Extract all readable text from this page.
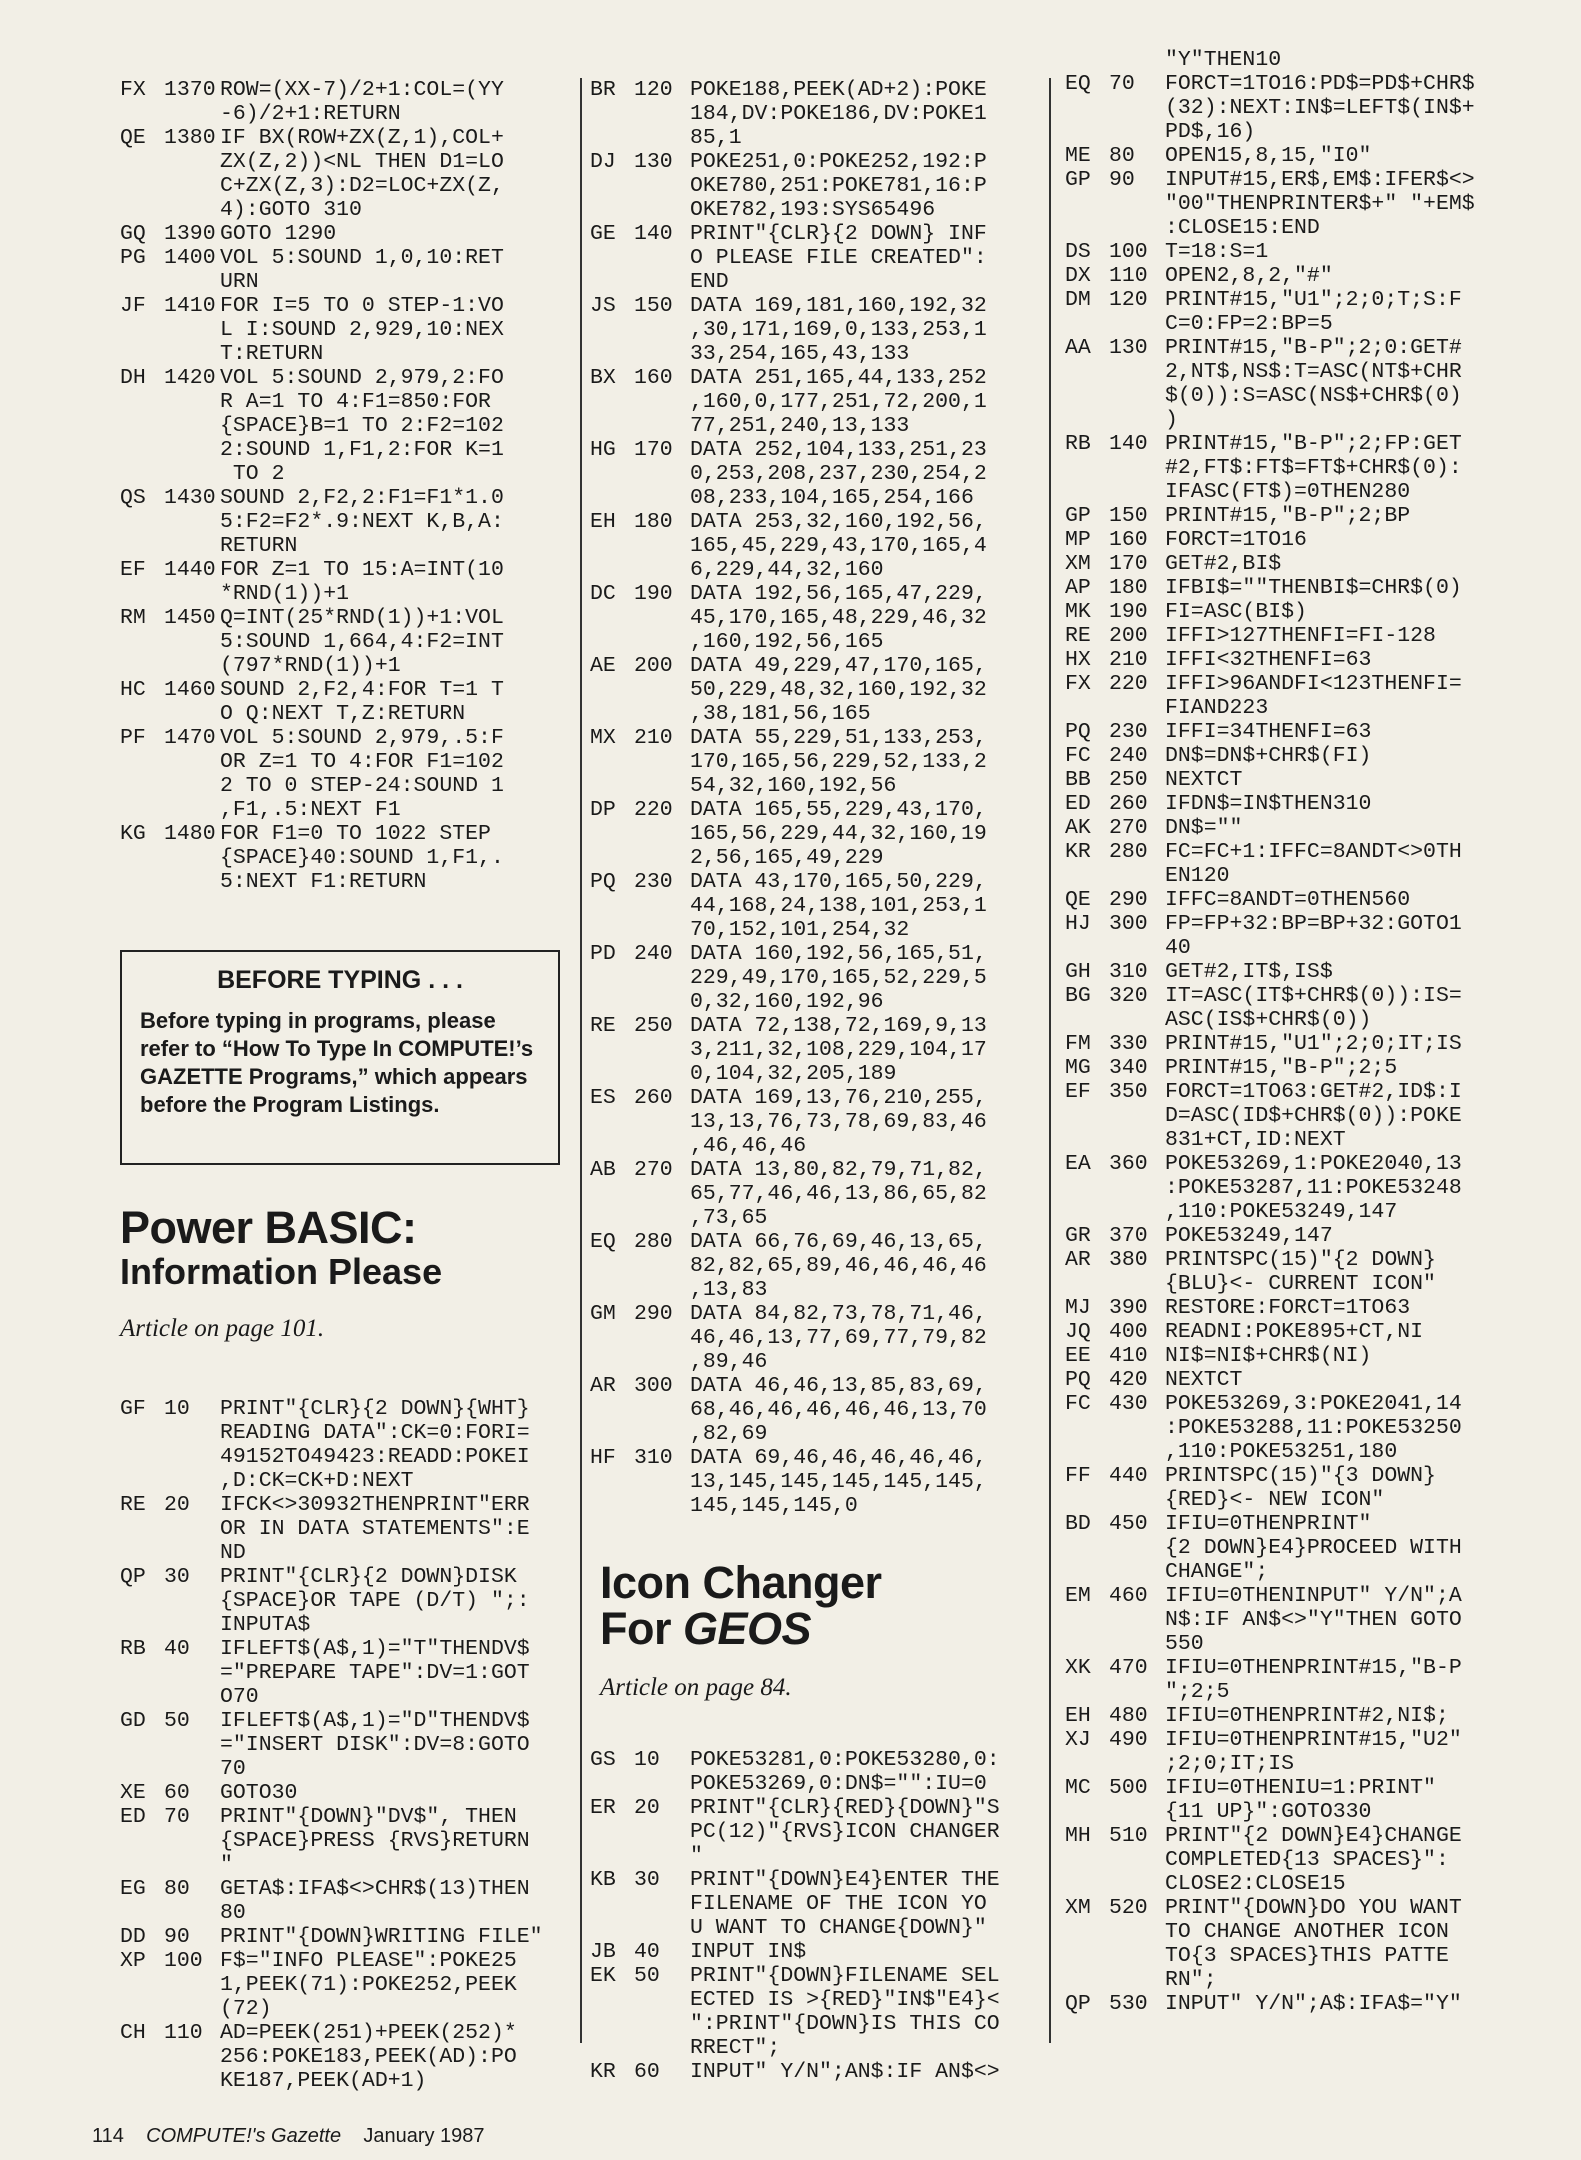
FX 1370 ROW=(XX-7)/2+1:COL=(YY
-6)/2+1:RETURN
QE 1380 IF BX(ROW+ZX(Z,1),COL+
ZX(Z,2))<NL THEN D1=LO
C+ZX(Z,3):D2=LOC+ZX(Z,
4):GOTO 310
GQ 1390 GOTO 1290
PG 1400 VOL 5:SOUND 1,0,10:RET
URN
JF 1410 FOR I=5 TO 0 STEP-1:VO
L I:SOUND 2,929,10:NEX
T:RETURN
DH 1420 VOL 5:SOUND 2,979,2:FO
R A=1 TO 4:F1=850:FOR
{SPACE}B=1 TO 2:F2=102
2:SOUND 1,F1,2:FOR K=1
TO 2
QS 1430 SOUND 2,F2,2:F1=F1*1.0
5:F2=F2*.9:NEXT K,B,A:
RETURN
EF 1440 FOR Z=1 TO 15:A=INT(10
*RND(1))+1
RM 1450 Q=INT(25*RND(1))+1:VOL
5:SOUND 1,664,4:F2=INT
(797*RND(1))+1
HC 1460 SOUND 2,F2,4:FOR T=1 T
O Q:NEXT T,Z:RETURN
PF 1470 VOL 5:SOUND 2,979,.5:F
OR Z=1 TO 4:FOR F1=102
2 TO 0 STEP-24:SOUND 1
,F1,.5:NEXT F1
KG 1480 FOR F1=0 TO 1022 STEP
{SPACE}40:SOUND 1,F1,.
5:NEXT F1:RETURN
BEFORE TYPING . . .
Before typing in programs, please refer to “How To Type In COMPUTE!’s GAZETTE Programs,” which appears before the Program Listings.
Power BASIC:
Information Please
Article on page 101.
GF 10	PRINT"{CLR}{2 DOWN}{WHT}
READING DATA":CK=0:FORI=
49152TO49423:READD:POKEI
,D:CK=CK+D:NEXT
RE 20	IFCK<>30932THENPRINT"ERR
OR IN DATA STATEMENTS":E
ND
QP 30	PRINT"{CLR}{2 DOWN}DISK
{SPACE}OR TAPE (D/T) ";:
INPUTA$
RB 40	IFLEFT$(A$,1)="T"THENDV$
="PREPARE TAPE":DV=1:GOT
O70
GD 50	IFLEFT$(A$,1)="D"THENDV$
="INSERT DISK":DV=8:GOTO
70
XE 60	GOTO30
ED 70	PRINT"{DOWN}"DV$", THEN
{SPACE}PRESS {RVS}RETURN
"
EG 80	GETA$:IFA$<>CHR$(13)THEN
80
DD 90	PRINT"{DOWN}WRITING FILE"
XP 100 F$="INFO PLEASE":POKE25
1,PEEK(71):POKE252,PEEK
(72)
CH 110 AD=PEEK(251)+PEEK(252)*
256:POKE183,PEEK(AD):PO
KE187,PEEK(AD+1)
BR 120 POKE188,PEEK(AD+2):POKE
184,DV:POKE186,DV:POKE1
85,1
DJ 130 POKE251,0:POKE252,192:P
OKE780,251:POKE781,16:P
OKE782,193:SYS65496
GE 140 PRINT"{CLR}{2 DOWN} INF
O PLEASE FILE CREATED":
END
JS 150 DATA 169,181,160,192,32
,30,171,169,0,133,253,1
33,254,165,43,133
BX 160 DATA 251,165,44,133,252
,160,0,177,251,72,200,1
77,251,240,13,133
HG 170 DATA 252,104,133,251,23
0,253,208,237,230,254,2
08,233,104,165,254,166
EH 180 DATA 253,32,160,192,56,
165,45,229,43,170,165,4
6,229,44,32,160
DC 190 DATA 192,56,165,47,229,
45,170,165,48,229,46,32
,160,192,56,165
AE 200 DATA 49,229,47,170,165,
50,229,48,32,160,192,32
,38,181,56,165
MX 210 DATA 55,229,51,133,253,
170,165,56,229,52,133,2
54,32,160,192,56
DP 220 DATA 165,55,229,43,170,
165,56,229,44,32,160,19
2,56,165,49,229
PQ 230 DATA 43,170,165,50,229,
44,168,24,138,101,253,1
70,152,101,254,32
PD 240 DATA 160,192,56,165,51,
229,49,170,165,52,229,5
0,32,160,192,96
RE 250 DATA 72,138,72,169,9,13
3,211,32,108,229,104,17
0,104,32,205,189
ES 260 DATA 169,13,76,210,255,
13,13,76,73,78,69,83,46
,46,46,46
AB 270 DATA 13,80,82,79,71,82,
65,77,46,46,13,86,65,82
,73,65
EQ 280 DATA 66,76,69,46,13,65,
82,82,65,89,46,46,46,46
,13,83
GM 290 DATA 84,82,73,78,71,46,
46,46,13,77,69,77,79,82
,89,46
AR 300 DATA 46,46,13,85,83,69,
68,46,46,46,46,46,13,70
,82,69
HF 310 DATA 69,46,46,46,46,46,
13,145,145,145,145,145,
145,145,145,0
Icon Changer
For GEOS
Article on page 84.
GS 10	POKE53281,0:POKE53280,0:
POKE53269,0:DN$="":IU=0
ER 20	PRINT"{CLR}{RED}{DOWN}"S
PC(12)"{RVS}ICON CHANGER
"
KB 30	PRINT"{DOWN}E4}ENTER THE
FILENAME OF THE ICON YO
U WANT TO CHANGE{DOWN}"
JB 40	INPUT IN$
EK 50	PRINT"{DOWN}FILENAME SEL
ECTED IS >{RED}"IN$"E4}<
":PRINT"{DOWN}IS THIS CO
RRECT";
KR 60	INPUT" Y/N";AN$:IF AN$<>
"Y"THEN10
EQ 70	FORCT=1TO16:PD$=PD$+CHR$
(32):NEXT:IN$=LEFT$(IN$+
PD$,16)
ME 80	OPEN15,8,15,"I0"
GP 90	INPUT#15,ER$,EM$:IFER$<>
"00"THENPRINTER$+" "+EM$
:CLOSE15:END
DS 100 T=18:S=1
DX 110 OPEN2,8,2,"#"
DM 120 PRINT#15,"U1";2;0;T;S:F
C=0:FP=2:BP=5
AA 130 PRINT#15,"B-P";2;0:GET#
2,NT$,NS$:T=ASC(NT$+CHR
$(0)):S=ASC(NS$+CHR$(0)
)
RB 140 PRINT#15,"B-P";2;FP:GET
#2,FT$:FT$=FT$+CHR$(0):
IFASC(FT$)=0THEN280
GP 150 PRINT#15,"B-P";2;BP
MP 160 FORCT=1TO16
XM 170 GET#2,BI$
AP 180 IFBI$=""THENBI$=CHR$(0)
MK 190 FI=ASC(BI$)
RE 200 IFFI>127THENFI=FI-128
HX 210 IFFI<32THENFI=63
FX 220 IFFI>96ANDFI<123THENFI=
FIAND223
PQ 230 IFFI=34THENFI=63
FC 240 DN$=DN$+CHR$(FI)
BB 250 NEXTCT
ED 260 IFDN$=IN$THEN310
AK 270 DN$=""
KR 280 FC=FC+1:IFFC=8ANDT<>0TH
EN120
QE 290 IFFC=8ANDT=0THEN560
HJ 300 FP=FP+32:BP=BP+32:GOTO1
40
GH 310 GET#2,IT$,IS$
BG 320 IT=ASC(IT$+CHR$(0)):IS=
ASC(IS$+CHR$(0))
FM 330 PRINT#15,"U1";2;0;IT;IS
MG 340 PRINT#15,"B-P";2;5
EF 350 FORCT=1TO63:GET#2,ID$:I
D=ASC(ID$+CHR$(0)):POKE
831+CT,ID:NEXT
EA 360 POKE53269,1:POKE2040,13
:POKE53287,11:POKE53248
,110:POKE53249,147
GR 370 POKE53249,147
AR 380 PRINTSPC(15)"{2 DOWN}
{BLU}<- CURRENT ICON"
MJ 390 RESTORE:FORCT=1TO63
JQ 400 READNI:POKE895+CT,NI
EE 410 NI$=NI$+CHR$(NI)
PQ 420 NEXTCT
FC 430 POKE53269,3:POKE2041,14
:POKE53288,11:POKE53250
,110:POKE53251,180
FF 440 PRINTSPC(15)"{3 DOWN}
{RED}<- NEW ICON"
BD 450 IFIU=0THENPRINT"
{2 DOWN}E4}PROCEED WITH
CHANGE";
EM 460 IFIU=0THENINPUT" Y/N";A
N$:IF AN$<>"Y"THEN GOTO
550
XK 470 IFIU=0THENPRINT#15,"B-P
";2;5
EH 480 IFIU=0THENPRINT#2,NI$;
XJ 490 IFIU=0THENPRINT#15,"U2"
;2;0;IT;IS
MC 500 IFIU=0THENIU=1:PRINT"
{11 UP}":GOTO330
MH 510 PRINT"{2 DOWN}E4}CHANGE
COMPLETED{13 SPACES}":
CLOSE2:CLOSE15
XM 520 PRINT"{DOWN}DO YOU WANT
TO CHANGE ANOTHER ICON
TO{3 SPACES}THIS PATTE
RN";
QP 530 INPUT" Y/N";A$:IFA$="Y"
114 COMPUTE!'s Gazette January 1987
